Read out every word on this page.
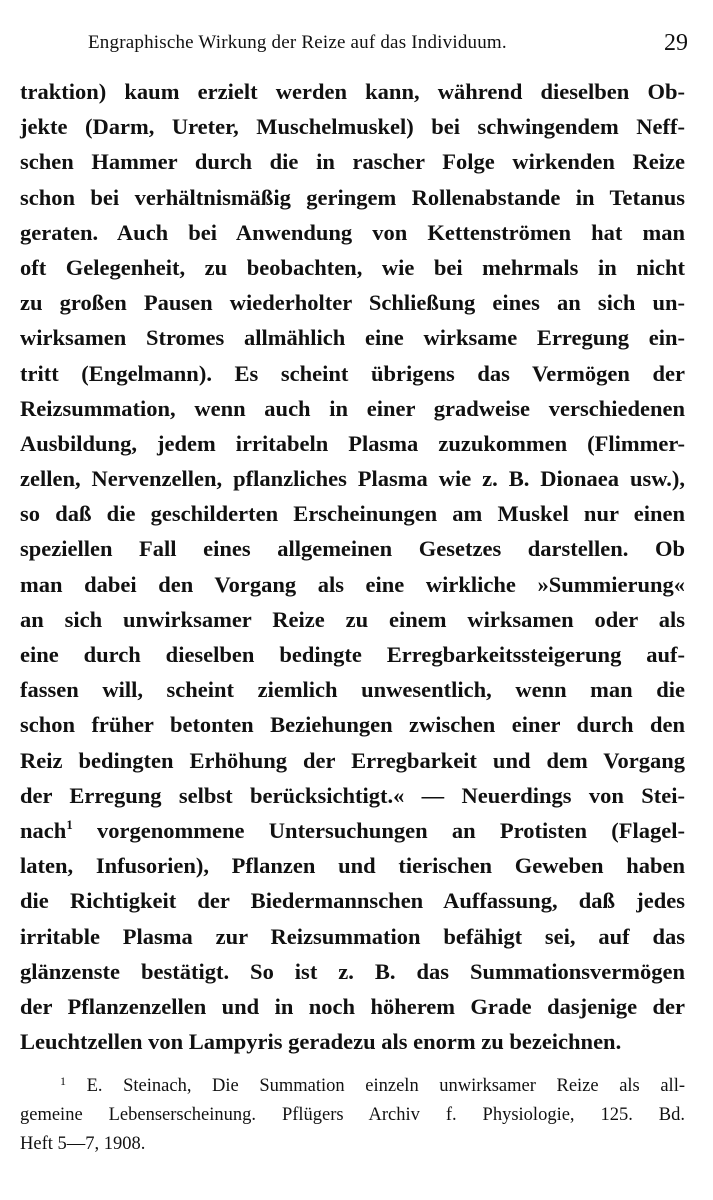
Engraphische Wirkung der Reize auf das Individuum.	29
traktion) kaum erzielt werden kann, während dieselben Ob-
jekte (Darm, Ureter, Muschelmuskel) bei schwingendem Neff-
schen Hammer durch die in rascher Folge wirkenden Reize
schon bei verhältnismäßig geringem Rollenabstande in Tetanus
geraten. Auch bei Anwendung von Kettenströmen hat man
oft Gelegenheit, zu beobachten, wie bei mehrmals in nicht
zu großen Pausen wiederholter Schließung eines an sich un-
wirksamen Stromes allmählich eine wirksame Erregung ein-
tritt (Engelmann). Es scheint übrigens das Vermögen der
Reizsummation, wenn auch in einer gradweise verschiedenen
Ausbildung, jedem irritabeln Plasma zuzukommen (Flimmer-
zellen, Nervenzellen, pflanzliches Plasma wie z. B. Dionaea usw.),
so daß die geschilderten Erscheinungen am Muskel nur einen
speziellen Fall eines allgemeinen Gesetzes darstellen. Ob
man dabei den Vorgang als eine wirkliche »Summierung«
an sich unwirksamer Reize zu einem wirksamen oder als
eine durch dieselben bedingte Erregbarkeitssteigerung auf-
fassen will, scheint ziemlich unwesentlich, wenn man die
schon früher betonten Beziehungen zwischen einer durch den
Reiz bedingten Erhöhung der Erregbarkeit und dem Vorgang
der Erregung selbst berücksichtigt.« — Neuerdings von Stei-
nach$^1$ vorgenommene Untersuchungen an Protisten (Flagel-
laten, Infusorien), Pflanzen und tierischen Geweben haben
die Richtigkeit der Biedermannschen Auffassung, daß jedes
irritable Plasma zur Reizsummation befähigt sei, auf das
glänzenste bestätigt. So ist z. B. das Summationsvermögen
der Pflanzenzellen und in noch höherem Grade dasjenige der
Leuchtzellen von Lampyris geradezu als enorm zu bezeichnen.
$^1$ E. Steinach, Die Summation einzeln unwirksamer Reize als all-
gemeine Lebenserscheinung. Pflügers Archiv f. Physiologie, 125. Bd.
Heft 5—7, 1908.
